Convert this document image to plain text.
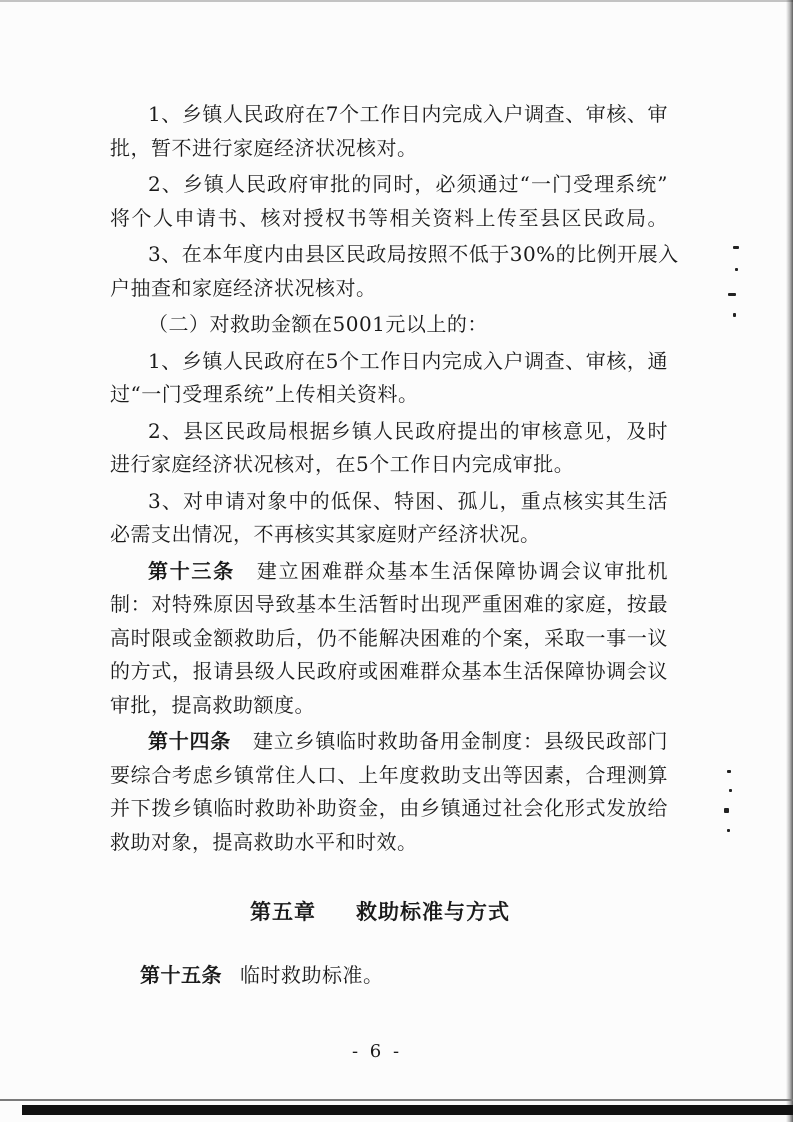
1、乡镇人民政府在7个工作日内完成入户调查、审核、审
批，暂不进行家庭经济状况核对。
2、乡镇人民政府审批的同时，必须通过“一门受理系统”
将个人申请书、核对授权书等相关资料上传至县区民政局。
3、在本年度内由县区民政局按照不低于30%的比例开展入
户抽查和家庭经济状况核对。
（二）对救助金额在5001元以上的：
1、乡镇人民政府在5个工作日内完成入户调查、审核，通
过“一门受理系统”上传相关资料。
2、县区民政局根据乡镇人民政府提出的审核意见，及时
进行家庭经济状况核对，在5个工作日内完成审批。
3、对申请对象中的低保、特困、孤儿，重点核实其生活
必需支出情况，不再核实其家庭财产经济状况。
第十三条 建立困难群众基本生活保障协调会议审批机
制：对特殊原因导致基本生活暂时出现严重困难的家庭，按最
高时限或金额救助后，仍不能解决困难的个案，采取一事一议
的方式，报请县级人民政府或困难群众基本生活保障协调会议
审批，提高救助额度。
第十四条 建立乡镇临时救助备用金制度：县级民政部门
要综合考虑乡镇常住人口、上年度救助支出等因素，合理测算
并下拨乡镇临时救助补助资金，由乡镇通过社会化形式发放给
救助对象，提高救助水平和时效。
第五章 救助标准与方式
第十五条 临时救助标准。
- 6 -
